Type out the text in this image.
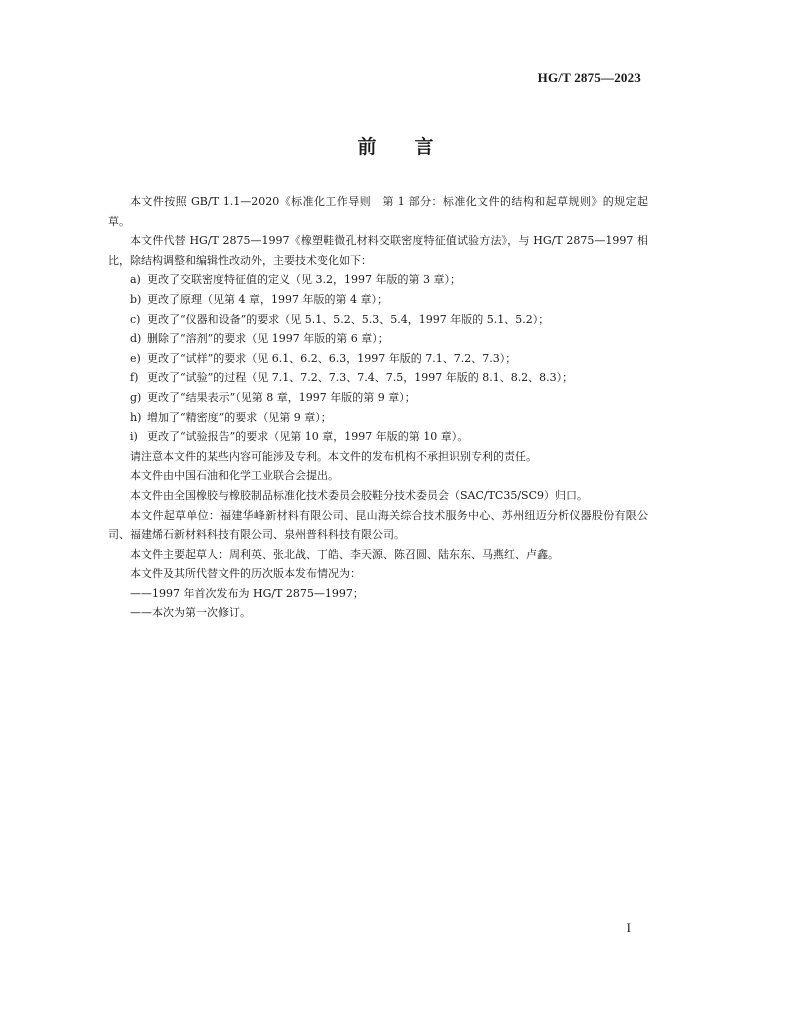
HG/T 2875—2023
前言

本文件按照 GB/T 1.1—2020《标准化工作导则　第 1 部分：标准化文件的结构和起草规则》的规定起草。

本文件代替 HG/T 2875—1997《橡塑鞋微孔材料交联密度特征值试验方法》，与 HG/T 2875—1997 相比，除结构调整和编辑性改动外，主要技术变化如下：

a) 更改了交联密度特征值的定义（见 3.2，1997 年版的第 3 章）；
b) 更改了原理（见第 4 章，1997 年版的第 4 章）；
c) 更改了“仪器和设备”的要求（见 5.1、5.2、5.3、5.4，1997 年版的 5.1、5.2）；
d) 删除了“溶剂”的要求（见 1997 年版的第 6 章）；
e) 更改了“试样”的要求（见 6.1、6.2、6.3，1997 年版的 7.1、7.2、7.3）；
f) 更改了“试验”的过程（见 7.1、7.2、7.3、7.4、7.5，1997 年版的 8.1、8.2、8.3）；
g) 更改了“结果表示”（见第 8 章，1997 年版的第 9 章）；
h) 增加了“精密度”的要求（见第 9 章）；
i) 更改了“试验报告”的要求（见第 10 章，1997 年版的第 10 章）。

请注意本文件的某些内容可能涉及专利。本文件的发布机构不承担识别专利的责任。

本文件由中国石油和化学工业联合会提出。

本文件由全国橡胶与橡胶制品标准化技术委员会胶鞋分技术委员会（SAC/TC35/SC9）归口。

本文件起草单位：福建华峰新材料有限公司、昆山海关综合技术服务中心、苏州纽迈分析仪器股份有限公司、福建烯石新材料科技有限公司、泉州普科科技有限公司。

本文件主要起草人：周利英、张北战、丁皓、李天源、陈召圆、陆东东、马燕红、卢鑫。

本文件及其所代替文件的历次版本发布情况为：

——1997 年首次发布为 HG/T 2875—1997；

——本次为第一次修订。

I
